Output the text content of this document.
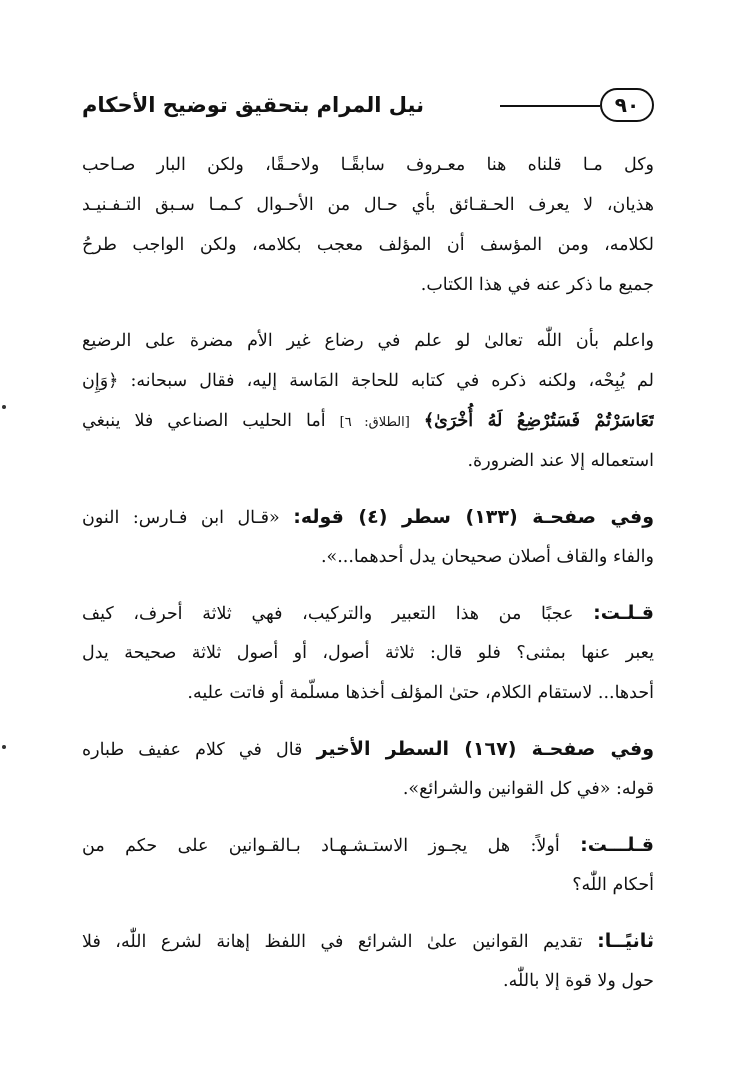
٩٠
نيل المرام بتحقيق توضيح الأحكام
وكل مـا قلناه هنا معـروف سابقًـا ولاحـقًا، ولكن البار صـاحب
هذيان، لا يعرف الحـقـائق بأي حـال من الأحـوال كـمـا سـبق التـفـنيـد
لكلامه، ومن المؤسف أن المؤلف معجب بكلامه، ولكن الواجب طرحُ
جميع ما ذكر عنه في هذا الكتاب.
واعلم بأن اللّٰه تعالىٰ لو علم في رضاع غير الأم مضرة على الرضيع
لم يُبِحْه، ولكنه ذكره في كتابه للحاجة المَاسة إليه، فقال سبحانه: ﴿وَإِن
تَعَاسَرْتُمْ فَسَتُرْضِعُ لَهُ أُخْرَىٰ﴾ [الطلاق: ٦] أما الحليب الصناعي فلا ينبغي
استعماله إلا عند الضرورة.
وفي صفحـة (١٣٣) سطر (٤) قوله: «قـال ابن فـارس: النون
والفاء والقاف أصلان صحيحان يدل أحدهما...».
قـلـت: عجبًا من هذا التعبير والتركيب، فهي ثلاثة أحرف، كيف
يعبر عنها بمثنى؟ فلو قال: ثلاثة أصول، أو أصول ثلاثة صحيحة يدل
أحدها... لاستقام الكلام، حتىٰ المؤلف أخذها مسلّمة أو فاتت عليه.
وفي صفحـة (١٦٧) السطر الأخير قال في كلام عفيف طباره
قوله: «في كل القوانين والشرائع».
قـلـــت: أولاً: هل يجـوز الاستـشـهـاد بـالقـوانين على حكم من
أحكام اللّٰه؟
ثانيًــا: تقديم القوانين علىٰ الشرائع في اللفظ إهانة لشرع اللّٰه، فلا
حول ولا قوة إلا باللّٰه.
